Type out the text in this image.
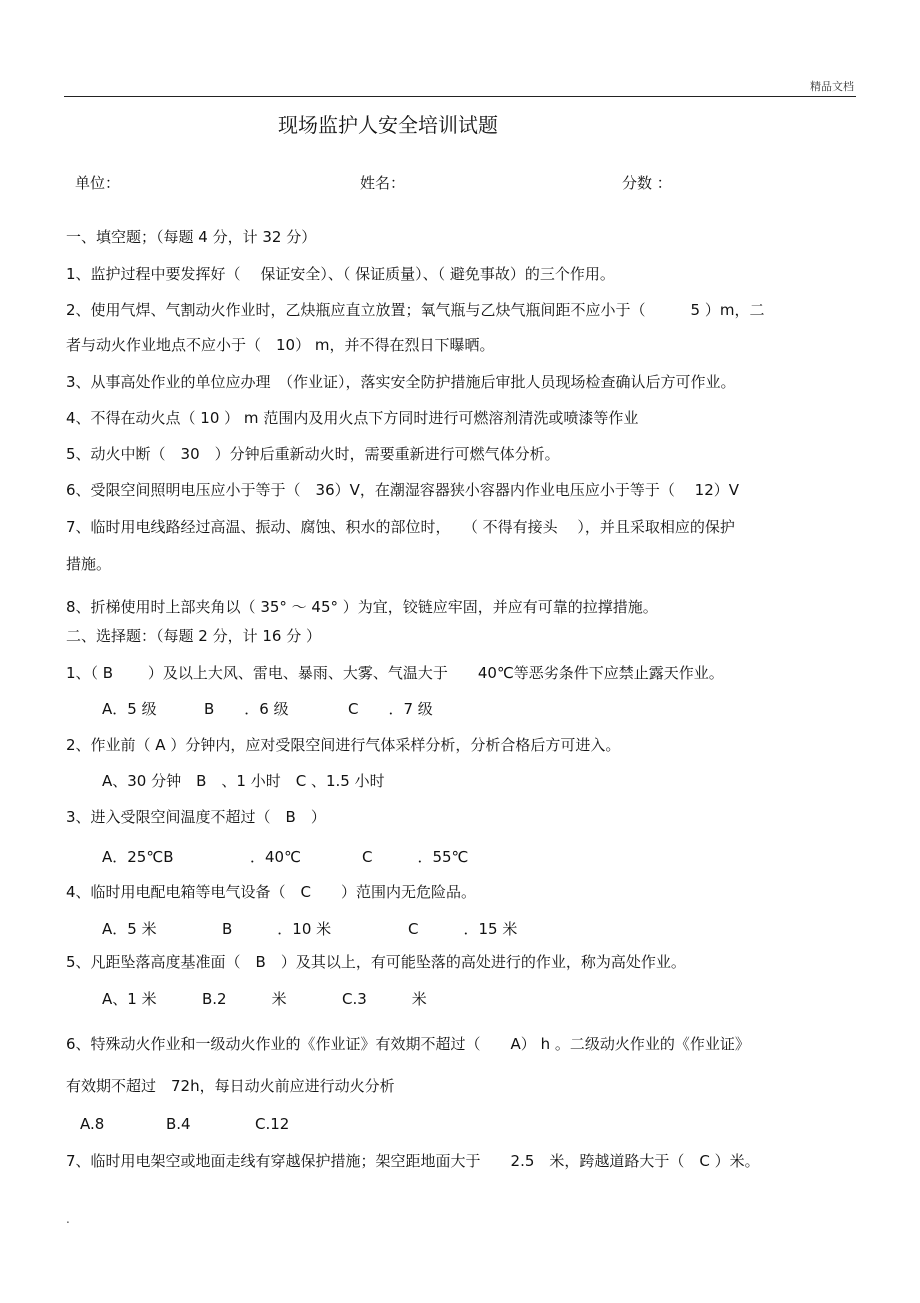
精品文档
现场监护人安全培训试题
单位：	姓名：	分数 ：
一、填空题；（每题 4 分，计 32 分）
1、监护过程中要发挥好（　 保证安全）、（ 保证质量）、（ 避免事故）的三个作用。
2、使用气焊、气割动火作业时，乙炔瓶应直立放置；氧气瓶与乙炔气瓶间距不应小于（　　　5 ）m，二
者与动火作业地点不应小于（　10） m，并不得在烈日下曝晒。
3、从事高处作业的单位应办理　（作业证），落实安全防护措施后审批人员现场检查确认后方可作业。
4、不得在动火点（ 10 ） m 范围内及用火点下方同时进行可燃溶剂清洗或喷漆等作业
5、动火中断（　30　）分钟后重新动火时，需要重新进行可燃气体分析。
6、受限空间照明电压应小于等于（　36）V，在潮湿容器狭小容器内作业电压应小于等于（　 12）V
7、临时用电线路经过高温、振动、腐蚀、积水的部位时，　 （ 不得有接头　 ），并且采取相应的保护
措施。
8、折梯使用时上部夹角以（ 35° ～ 45° ）为宜，铰链应牢固，并应有可靠的拉撑措施。
二、选择题：（每题 2 分，计 16 分 ）
1、（ B　　 ）及以上大风、雷电、暴雨、大雾、气温大于　　40℃等恶劣条件下应禁止露天作业。
A．5 级	B　　．6 级	C　　．7 级
2、作业前（ A ）分钟内，应对受限空间进行气体采样分析，分析合格后方可进入。
A、30 分钟　B　、1 小时　C 、1.5 小时
3、进入受限空间温度不超过（　B　）
A．25℃B	．40℃	C　　　．55℃
4、临时用电配电箱等电气设备（　C　　）范围内无危险品。
A．5 米	B　　　．10 米	C　　　．15 米
5、凡距坠落高度基准面（　B　）及其以上，有可能坠落的高处进行的作业，称为高处作业。
A、1 米	B.2　　　米	C.3　　　米
6、特殊动火作业和一级动火作业的《作业证》有效期不超过（　　A） h 。二级动火作业的《作业证》
有效期不超过　72h，每日动火前应进行动火分析
A.8	B.4	C.12
7、临时用电架空或地面走线有穿越保护措施；架空距地面大于　　2.5　米，跨越道路大于（　C ）米。
.
